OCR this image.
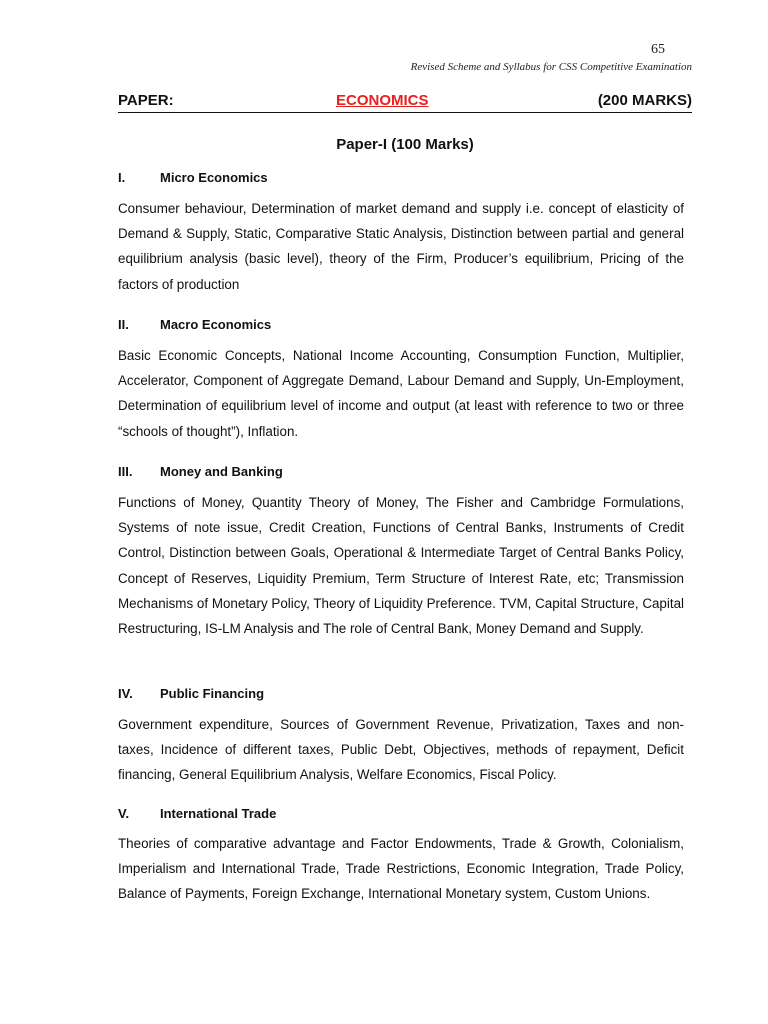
65
Revised Scheme and Syllabus for CSS Competitive Examination
PAPER:	ECONOMICS	(200 MARKS)
Paper-I (100 Marks)
I.	Micro Economics

Consumer behaviour, Determination of market demand and supply i.e. concept of elasticity of Demand & Supply, Static, Comparative Static Analysis, Distinction between partial and general equilibrium analysis (basic level), theory of the Firm, Producer’s equilibrium, Pricing of the factors of production

II. Macro Economics

Basic Economic Concepts, National Income Accounting, Consumption Function, Multiplier, Accelerator, Component of Aggregate Demand, Labour Demand and Supply, Un-Employment, Determination of equilibrium level of income and output (at least with reference to two or three “schools of thought”), Inflation.

III. Money and Banking

Functions of Money, Quantity Theory of Money, The Fisher and Cambridge Formulations, Systems of note issue, Credit Creation, Functions of Central Banks, Instruments of Credit Control, Distinction between Goals, Operational & Intermediate Target of Central Banks Policy, Concept of Reserves, Liquidity Premium, Term Structure of Interest Rate, etc; Transmission Mechanisms of Monetary Policy, Theory of Liquidity Preference. TVM, Capital Structure, Capital Restructuring, IS-LM Analysis and The role of Central Bank, Money Demand and Supply.

IV. Public Financing

Government expenditure, Sources of Government Revenue, Privatization, Taxes and non-taxes, Incidence of different taxes, Public Debt, Objectives, methods of repayment, Deficit financing, General Equilibrium Analysis, Welfare Economics, Fiscal Policy.

V. International Trade

Theories of comparative advantage and Factor Endowments, Trade & Growth, Colonialism, Imperialism and International Trade, Trade Restrictions, Economic Integration, Trade Policy, Balance of Payments, Foreign Exchange, International Monetary system, Custom Unions.
